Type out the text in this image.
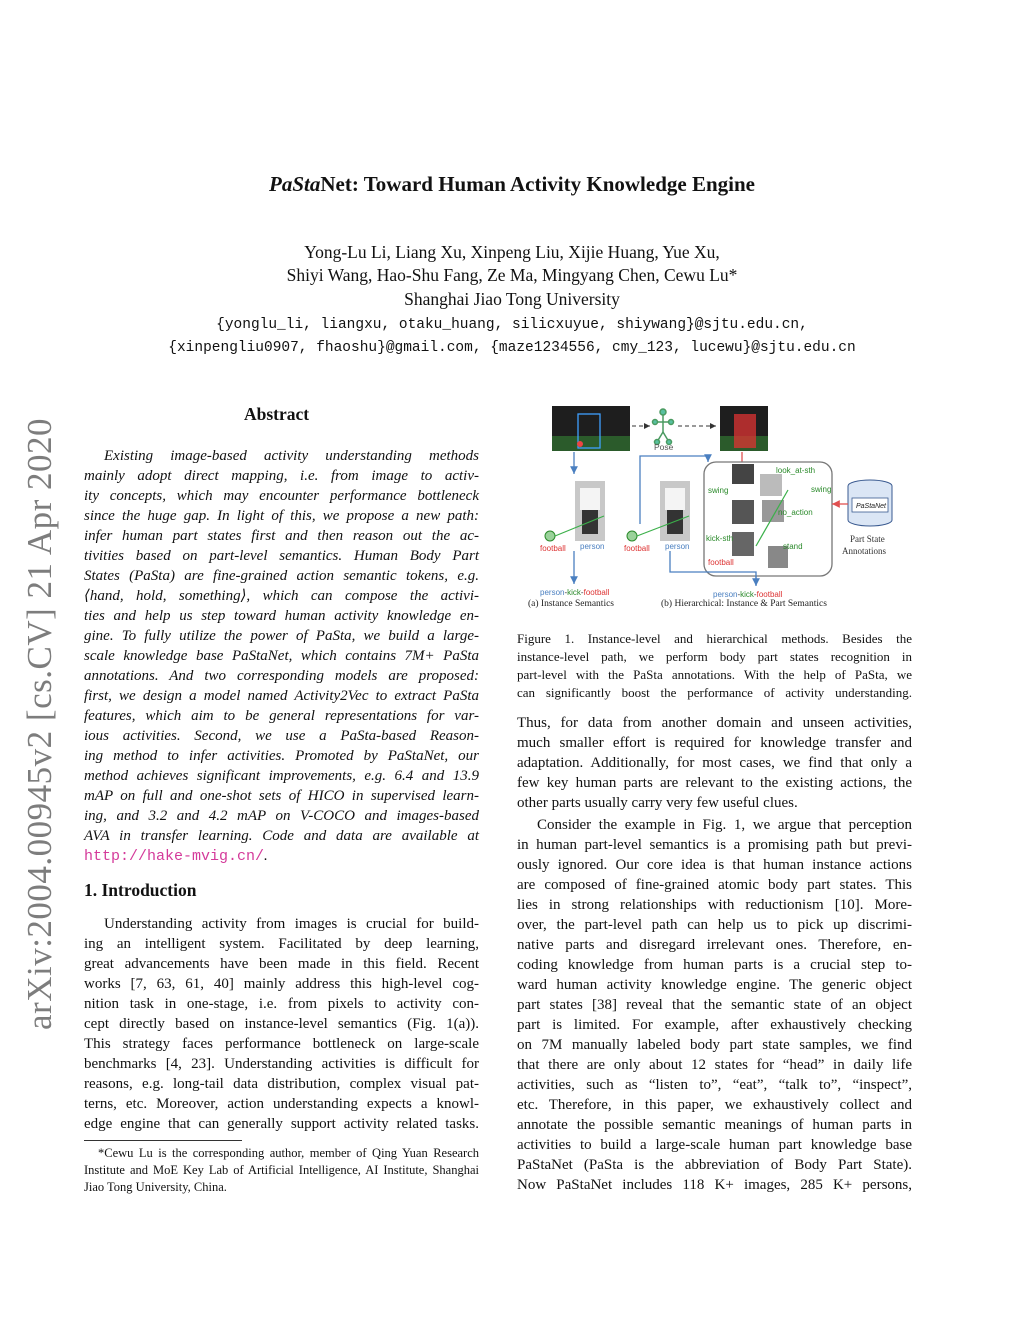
arXiv:2004.00945v2 [cs.CV] 21 Apr 2020
PaStaNet: Toward Human Activity Knowledge Engine
Yong-Lu Li, Liang Xu, Xinpeng Liu, Xijie Huang, Yue Xu,
Shiyi Wang, Hao-Shu Fang, Ze Ma, Mingyang Chen, Cewu Lu*
Shanghai Jiao Tong University
{yonglu_li, liangxu, otaku_huang, silicxuyue, shiywang}@sjtu.edu.cn,
{xinpengliu0907, fhaoshu}@gmail.com, {maze1234556, cmy_123, lucewu}@sjtu.edu.cn
Abstract
Existing image-based activity understanding methods
mainly adopt direct mapping, i.e. from image to activ-
ity concepts, which may encounter performance bottleneck
since the huge gap. In light of this, we propose a new path:
infer human part states first and then reason out the ac-
tivities based on part-level semantics. Human Body Part
States (PaSta) are fine-grained action semantic tokens, e.g.
⟨hand, hold, something⟩, which can compose the activi-
ties and help us step toward human activity knowledge en-
gine. To fully utilize the power of PaSta, we build a large-
scale knowledge base PaStaNet, which contains 7M+ PaSta
annotations. And two corresponding models are proposed:
first, we design a model named Activity2Vec to extract PaSta
features, which aim to be general representations for var-
ious activities. Second, we use a PaSta-based Reason-
ing method to infer activities. Promoted by PaStaNet, our
method achieves significant improvements, e.g. 6.4 and 13.9
mAP on full and one-shot sets of HICO in supervised learn-
ing, and 3.2 and 4.2 mAP on V-COCO and images-based
AVA in transfer learning. Code and data are available at
http://hake-mvig.cn/.
1. Introduction
Understanding activity from images is crucial for build-
ing an intelligent system. Facilitated by deep learning,
great advancements have been made in this field. Recent
works [7, 63, 61, 40] mainly address this high-level cog-
nition task in one-stage, i.e. from pixels to activity con-
cept directly based on instance-level semantics (Fig. 1(a)).
This strategy faces performance bottleneck on large-scale
benchmarks [4, 23]. Understanding activities is difficult for
reasons, e.g. long-tail data distribution, complex visual pat-
terns, etc. Moreover, action understanding expects a knowl-
edge engine that can generally support activity related tasks.
*Cewu Lu is the corresponding author, member of Qing Yuan Research
Institute and MoE Key Lab of Artificial Intelligence, AI Institute, Shanghai
Jiao Tong University, China.
Pose
look_at-sth
swing	swing
no_action
kick-sth
stand
football
football person football person
PaStaNet
Part State
Annotations
person-kick-football	person-kick-football
(a) Instance Semantics	(b) Hierarchical: Instance & Part Semantics
Figure 1. Instance-level and hierarchical methods. Besides the
instance-level path, we perform body part states recognition in
part-level with the PaSta annotations. With the help of PaSta, we
can significantly boost the performance of activity understanding.
Thus, for data from another domain and unseen activities,
much smaller effort is required for knowledge transfer and
adaptation. Additionally, for most cases, we find that only a
few key human parts are relevant to the existing actions, the
other parts usually carry very few useful clues.
Consider the example in Fig. 1, we argue that perception
in human part-level semantics is a promising path but previ-
ously ignored. Our core idea is that human instance actions
are composed of fine-grained atomic body part states. This
lies in strong relationships with reductionism [10]. More-
over, the part-level path can help us to pick up discrimi-
native parts and disregard irrelevant ones. Therefore, en-
coding knowledge from human parts is a crucial step to-
ward human activity knowledge engine. The generic object
part states [38] reveal that the semantic state of an object
part is limited. For example, after exhaustively checking
on 7M manually labeled body part state samples, we find
that there are only about 12 states for “head” in daily life
activities, such as “listen to”, “eat”, “talk to”, “inspect”,
etc. Therefore, in this paper, we exhaustively collect and
annotate the possible semantic meanings of human parts in
activities to build a large-scale human part knowledge base
PaStaNet (PaSta is the abbreviation of Body Part State).
Now PaStaNet includes 118 K+ images, 285 K+ persons,
